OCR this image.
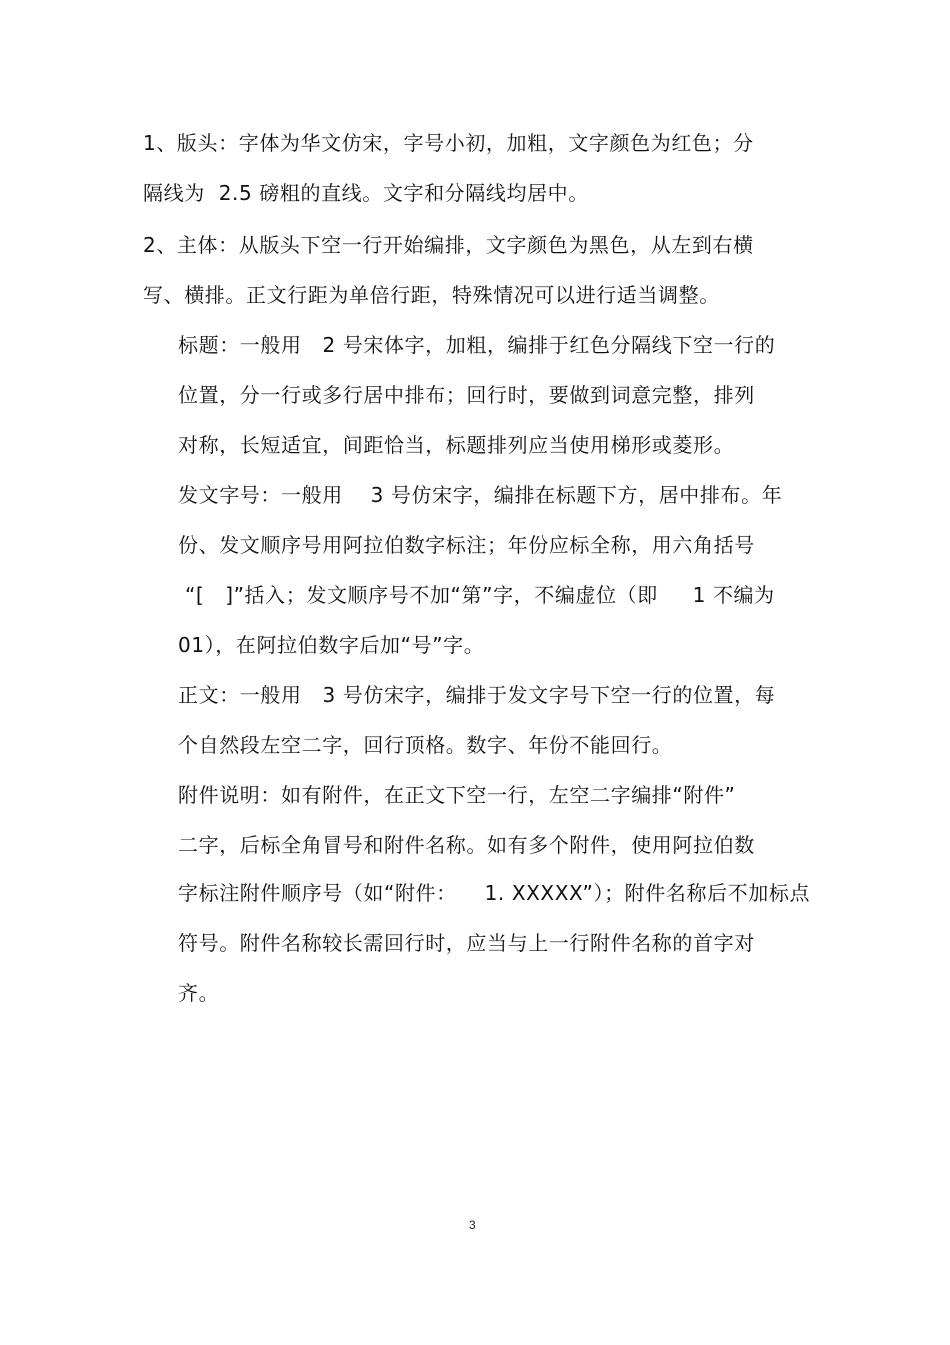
1、版头：字体为华文仿宋，字号小初，加粗，文字颜色为红色；分
隔线为  2.5 磅粗的直线。文字和分隔线均居中。
2、主体：从版头下空一行开始编排，文字颜色为黑色，从左到右横
写、横排。正文行距为单倍行距，特殊情况可以进行适当调整。
标题：一般用   2 号宋体字，加粗，编排于红色分隔线下空一行的
位置，分一行或多行居中排布；回行时，要做到词意完整，排列
对称，长短适宜，间距恰当，标题排列应当使用梯形或菱形。
发文字号：一般用    3 号仿宋字，编排在标题下方，居中排布。年
份、发文顺序号用阿拉伯数字标注；年份应标全称，用六角括号
“[   ]”括入；发文顺序号不加“第”字，不编虚位（即     1 不编为
01），在阿拉伯数字后加“号”字。
正文：一般用   3 号仿宋字，编排于发文字号下空一行的位置，每
个自然段左空二字，回行顶格。数字、年份不能回行。
附件说明：如有附件，在正文下空一行，左空二字编排“附件”
二字，后标全角冒号和附件名称。如有多个附件，使用阿拉伯数
字标注附件顺序号（如“附件：    1. XXXXX”）；附件名称后不加标点
符号。附件名称较长需回行时，应当与上一行附件名称的首字对
齐。
3
